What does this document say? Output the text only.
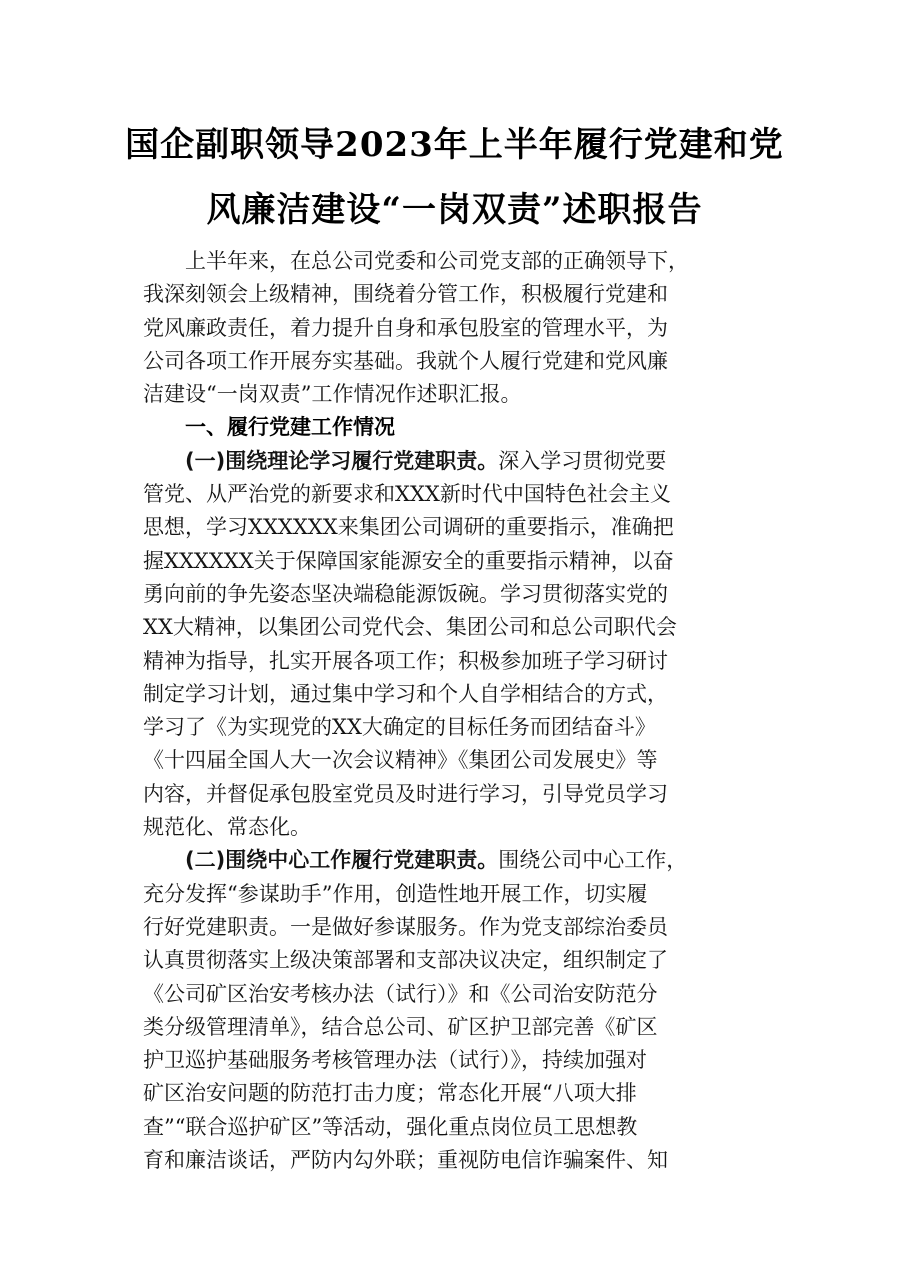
国企副职领导2023年上半年履行党建和党
风廉洁建设“一岗双责”述职报告
　　上半年来，在总公司党委和公司党支部的正确领导下，
我深刻领会上级精神，围绕着分管工作，积极履行党建和
党风廉政责任，着力提升自身和承包股室的管理水平，为
公司各项工作开展夯实基础。我就个人履行党建和党风廉
洁建设“一岗双责”工作情况作述职汇报。
　　一、履行党建工作情况
　　(一)围绕理论学习履行党建职责。深入学习贯彻党要
管党、从严治党的新要求和XXX新时代中国特色社会主义
思想，学习XXXXXX来集团公司调研的重要指示，准确把
握XXXXXX关于保障国家能源安全的重要指示精神，以奋
勇向前的争先姿态坚决端稳能源饭碗。学习贯彻落实党的
XX大精神，以集团公司党代会、集团公司和总公司职代会
精神为指导，扎实开展各项工作；积极参加班子学习研讨
制定学习计划，通过集中学习和个人自学相结合的方式，
学习了《为实现党的XX大确定的目标任务而团结奋斗》
《十四届全国人大一次会议精神》《集团公司发展史》等
内容，并督促承包股室党员及时进行学习，引导党员学习
规范化、常态化。
　　(二)围绕中心工作履行党建职责。围绕公司中心工作，
充分发挥“参谋助手”作用，创造性地开展工作，切实履
行好党建职责。一是做好参谋服务。作为党支部综治委员
认真贯彻落实上级决策部署和支部决议决定，组织制定了
《公司矿区治安考核办法（试行）》和《公司治安防范分
类分级管理清单》，结合总公司、矿区护卫部完善《矿区
护卫巡护基础服务考核管理办法（试行）》，持续加强对
矿区治安问题的防范打击力度；常态化开展“八项大排
查”“联合巡护矿区”等活动，强化重点岗位员工思想教
育和廉洁谈话，严防内勾外联；重视防电信诈骗案件、知
